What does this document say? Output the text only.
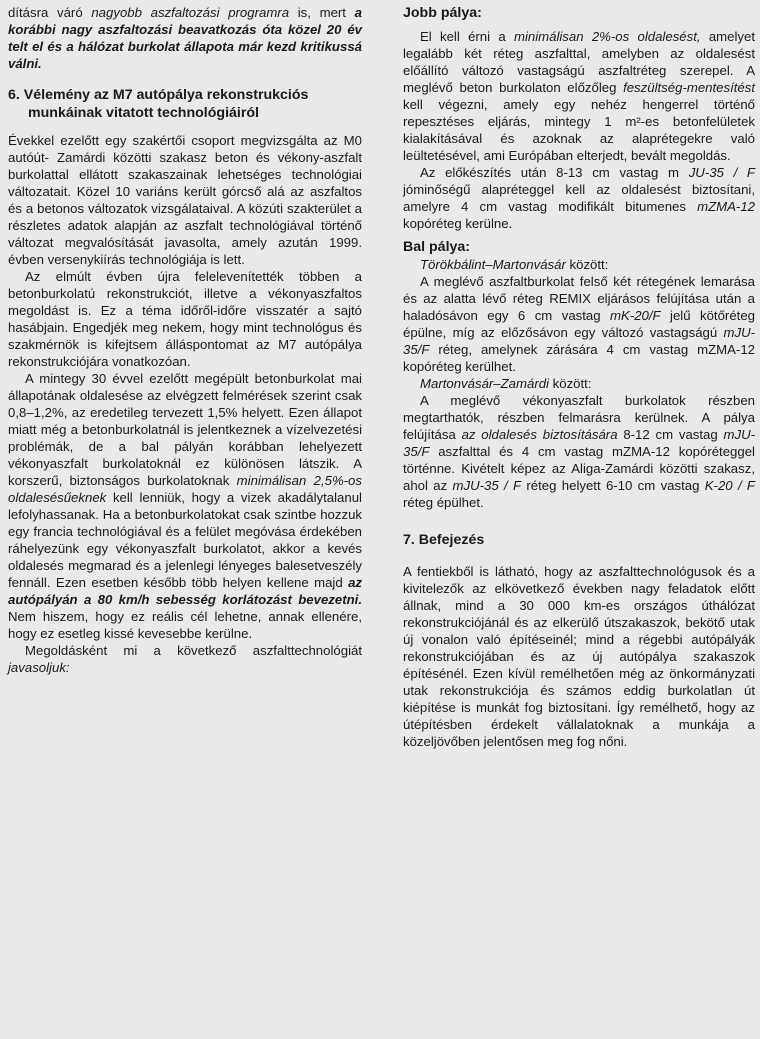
dításra váró nagyobb aszfaltozási programra is, mert a korábbi nagy aszfaltozási beavatkozás óta közel 20 év telt el és a hálózat burkolat állapota már kezd kritikussá válni.

6. Vélemény az M7 autópálya rekonstrukciós munkáinak vitatott technológiáiról

Évekkel ezelőtt egy szakértői csoport megvizsgálta az M0 autóút- Zamárdi közötti szakasz beton és vékony-aszfalt burkolattal ellátott szakaszainak lehetséges technológiai változatait. Közel 10 variáns került górcső alá az aszfaltos és a betonos változatok vizsgálataival. A közúti szakterület a részletes adatok alapján az aszfalt technológiával történő változat megvalósítását javasolta, amely azután 1999. évben versenykiírás technológiája is lett.

Az elmúlt évben újra felelevenítették többen a betonburkolatú rekonstrukciót, illetve a vékonyaszfaltos megoldást is. Ez a téma időről-időre visszatér a sajtó hasábjain. Engedjék meg nekem, hogy mint technológus és szakmérnök is kifejtsem álláspontomat az M7 autópálya rekonstrukciójára vonatkozóan.

A mintegy 30 évvel ezelőtt megépült betonburkolat mai állapotának oldalesése az elvégzett felmérések szerint csak 0,8–1,2%, az eredetileg tervezett 1,5% helyett. Ezen állapot miatt még a betonburkolatnál is jelentkeznek a vízelvezetési problémák, de a bal pályán korábban lehelyezett vékonyaszfalt burkolatoknál ez különösen látszik. A korszerű, biztonságos burkolatoknak minimálisan 2,5%-os oldalesésűeknek kell lenniük, hogy a vizek akadálytalanul lefolyhassanak. Ha a betonburkolatokat csak szintbe hozzuk egy francia technológiával és a felület megóvása érdekében ráhelyezünk egy vékonyaszfalt burkolatot, akkor a kevés oldalesés megmarad és a jelenlegi lényeges balesetveszély fennáll. Ezen esetben később több helyen kellene majd az autópályán a 80 km/h sebesség korlátozást bevezetni. Nem hiszem, hogy ez reális cél lehetne, annak ellenére, hogy ez esetleg kissé kevesebbe kerülne.

Megoldásként mi a következő aszfalttechnológiát javasoljuk:

Jobb pálya:

El kell érni a minimálisan 2%-os oldalesést, amelyet legalább két réteg aszfalttal, amelyben az oldalesést előállító változó vastagságú aszfaltréteg szerepel. A meglévő beton burkolaton előzőleg feszültség-mentesítést kell végezni, amely egy nehéz hengerrel történő repesztéses eljárás, mintegy 1 m²-es betonfelületek kialakításával és azoknak az alaprétegekre való leültetésével, ami Európában elterjedt, bevált megoldás.

Az előkészítés után 8-13 cm vastag m JU-35 / F jóminőségű alapréteggel kell az oldalesést biztosítani, amelyre 4 cm vastag modifikált bitumenes mZMA-12 kopóréteg kerülne.

Bal pálya:

Törökbálint–Martonvásár között:

A meglévő aszfaltburkolat felső két rétegének lemarása és az alatta lévő réteg REMIX eljárásos felújítása után a haladósávon egy 6 cm vastag mK-20/F jelű kötőréteg épülne, míg az előzősávon egy változó vastagságú mJU-35/F réteg, amelynek zárására 4 cm vastag mZMA-12 kopóréteg kerülhet.

Martonvásár–Zamárdi között:

A meglévő vékonyaszfalt burkolatok részben megtarthatók, részben felmarásra kerülnek. A pálya felújítása az oldalesés biztosítására 8-12 cm vastag mJU-35/F aszfalttal és 4 cm vastag mZMA-12 kopóréteggel történne. Kivételt képez az Aliga-Zamárdi közötti szakasz, ahol az mJU-35 / F réteg helyett 6-10 cm vastag K-20 / F réteg épülhet.

7. Befejezés

A fentiekből is látható, hogy az aszfalttechnológusok és a kivitelezők az elkövetkező években nagy feladatok előtt állnak, mind a 30 000 km-es országos úthálózat rekonstrukciójánál és az elkerülő útszakaszok, bekötő utak új vonalon való építéseinél; mind a régebbi autópályák rekonstrukciójában és az új autópálya szakaszok építésénél. Ezen kívül remélhetően még az önkormányzati utak rekonstrukciója és számos eddig burkolatlan út kiépítése is munkát fog biztosítani. Így remélhető, hogy az útépítésben érdekelt vállalatoknak a munkája a közeljövőben jelentősen meg fog nőni.
